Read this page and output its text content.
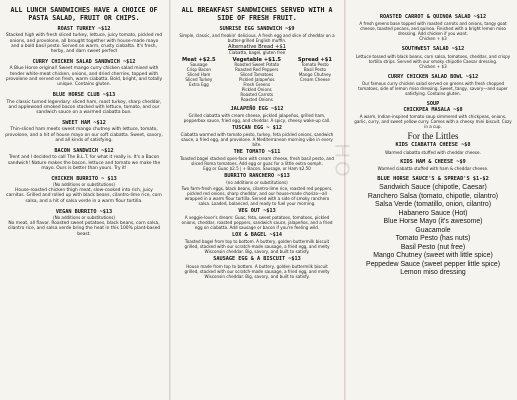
HO
ALL LUNCH SANDWICHES HAVE A CHOICE OF PASTA SALAD, FRUIT OR CHIPS.
ROAST TURKEY ~$12
Stacked high with fresh sliced turkey, lettuce, juicy tomato, pickled red onions, and provolone, all brought together with house-made mayo and a bold basil pesto. Served on warm, crusty ciabatta. It's fresh, herby, and darn sweet perfect
CURRY CHICKEN SALAD SANDWICH ~$12
A Blue Horse original! Sweet mango curry chicken salad mixed with tender white-meat chicken, onions, and dried cherries, topped with provolone and served on fresh, warm ciabatta. Bold, bright, and totally unique. Contains gluten.
BLUE HORSE CLUB ~$13
The classic turned legendary: sliced ham, roast turkey, sharp cheddar, and applewood smoked bacon stacked with lettuce, tomato, and our sandwich sauce on a warmed ciabatta bun.
SWEET HAM ~$12
Thin-sliced ham meets sweet mango chutney with lettuce, tomato, provolone, and a hit of house mayo on our soft ciabatta. Sweet, savory, and all kinds of satisfying.
BACON SANDWICH ~$12
Trent and I decided to call The B.L.T. for what it really is. It's a Bacon sandwich! Nature makes the bacon, lettuce and tomato we make the mayo. Ours is better than yours. Try it!
CHICKEN BURRITO ~ $13
(No additions or substitutions)
House-roasted chicken thigh meat, slow-cooked into rich, juicy carnitas. Grilled and rolled up with black beans, cilantro-lime rice, corn salsa, and a hit of salsa verde in a warm flour tortilla.
VEGAN BURRITO ~$13
(No additions or substitutions)
No meat, all flavor. Roasted sweet potatoes, black beans, corn salsa, cilantro rice, and salsa verde bring the heat in this 100% plant-based beast.
ALL BREAKFAST SANDWICHES SERVED WITH A SIDE OF FRESH FRUIT.
SUNRISE EGG SANDWICH ~$9
Simple, classic, and freakin' delicious. A fresh egg and slice of cheddar on a butter-grilled English muffin.
Alternative Bread +$1
Ciabatta, bagel, gluten free
Meat +$2.5
Sausage
Crisp Bacon
Sliced Ham
Sliced Turkey
Extra Egg
Vegetable +$1.5
Roasted Sweet Potato
Roasted Red Peppers
Sliced Tomatoes
Pickled Jalapeños
Fresh Greens
Pickled Onions
Roasted Carrots
Roasted Onions
Spread +$1
Tomato Pesto
Basil Pesto
Mango Chutney
Cream Cheese
JALAPEÑO EGG ~$12
Grilled ciabatta with cream cheese, pickled jalapeños, grilled ham, pepperbox sauce, fried egg, and cheddar. A spicy, cheesy wake-up call.
TUSCAN EGG ~ $12
Ciabatta warmed with tomato pesto, turkey, feta pickled onions, sandwich sauce, a fried egg, and provolone. A Mediterranean morning vibe in every bite.
THE TOMATO ~$11
Toasted bagel stacked open-face with cream cheese, fresh basil pesto, and sliced Roma tomatoes. Add egg or guac for a little extra oomph.
Egg or Guac $2.5 | + Bacon, Sausage, or Ham $2.50
BURRITO RANCHERO ~$13
(no additions or substitutions)
Two farm-fresh eggs, black beans, cilantro-lime rice, roasted red peppers, pickled red onions, sharp cheddar, and our house-made chorizo—all wrapped in a warm flour tortilla. Served with a side of smoky ranchero salsa. Loaded, balanced, and ready to fuel your morning.
VEG OUT ~$13
A veggie-lover's dream: Guac, feta, sweet potatoes, tomatoes, pickled onions, cheddar, roasted peppers, sandwich sauce, jalapeños, and a fried egg on ciabatta. Add sausage or bacon if you're feeling wild.
LOX & BAGEL ~$14
Toasted bagel from top to bottom. A buttery, golden buttermilk biscuit grilled, stacked with our scratch-made sausage, a fried egg, and melty Wisconsin cheddar. Big, savory, and built to satisfy.
SAUSAGE EGG & A BISCUIT ~$13
House made from top to bottom. A buttery, golden buttermilk biscuit grilled, stacked with our scratch-made sausage, a fried egg, and melty Wisconsin cheddar. Big, savory, and built to satisfy.
ROASTED CARROT & QUINOA SALAD ~$12
A fresh greens base topped with roasted carrots and onions, tangy goat cheese, toasted pecans, and quinoa. Finished with a bright lemon miso dressing. Add chicken if you want.
Chicken + $3
SOUTHWEST SALAD ~$12
Lettuce tossed with black beans, corn salsa, tomatoes, cheddar, and crispy tortilla strips. Served with our smoky chipotle Caesar dressing.
Chicken + $3
CURRY CHICKEN SALAD BOWL ~$12
Our famous curry chicken salad served on greens with fresh chopped tomatoes, side of lemon miso dressing. Sweet, tangy, savory—and super satisfying. Contains gluten.
SOUP
CHICKPEA MASALA ~$8
A warm, Indian-inspired tomato soup simmered with chickpeas, onions, garlic, curry, and sweet yellow curry. Comes with a cheesy mini biscuit. Cozy in a cup.
For the Littles
KIDS CIABATTA CHEESE ~$8
Warmed ciabatta stuffed with cheddar cheese.
KIDS HAM & CHEESE ~$9
Warmed ciabatta stuffed with ham & cheddar cheese.
BLUE HORSE SAUCE'S & SPREAD'S $1-$2
Sandwich Sauce (chipotle, Caesar)
Ranchero Salsa (tomato, chipotle, cilantro)
Salsa Verde (tomatillo, onion, cilantro)
Habanero Sauce (Hot)
Blue Horse Mayo (it's awesome)
Guacamole
Tomato Pesto (has nuts)
Basil Pesto (nut free)
Mango Chutney (sweet with little spice)
Peppedew Sauce (sweet pepper little spice)
Lemon miso dressing
